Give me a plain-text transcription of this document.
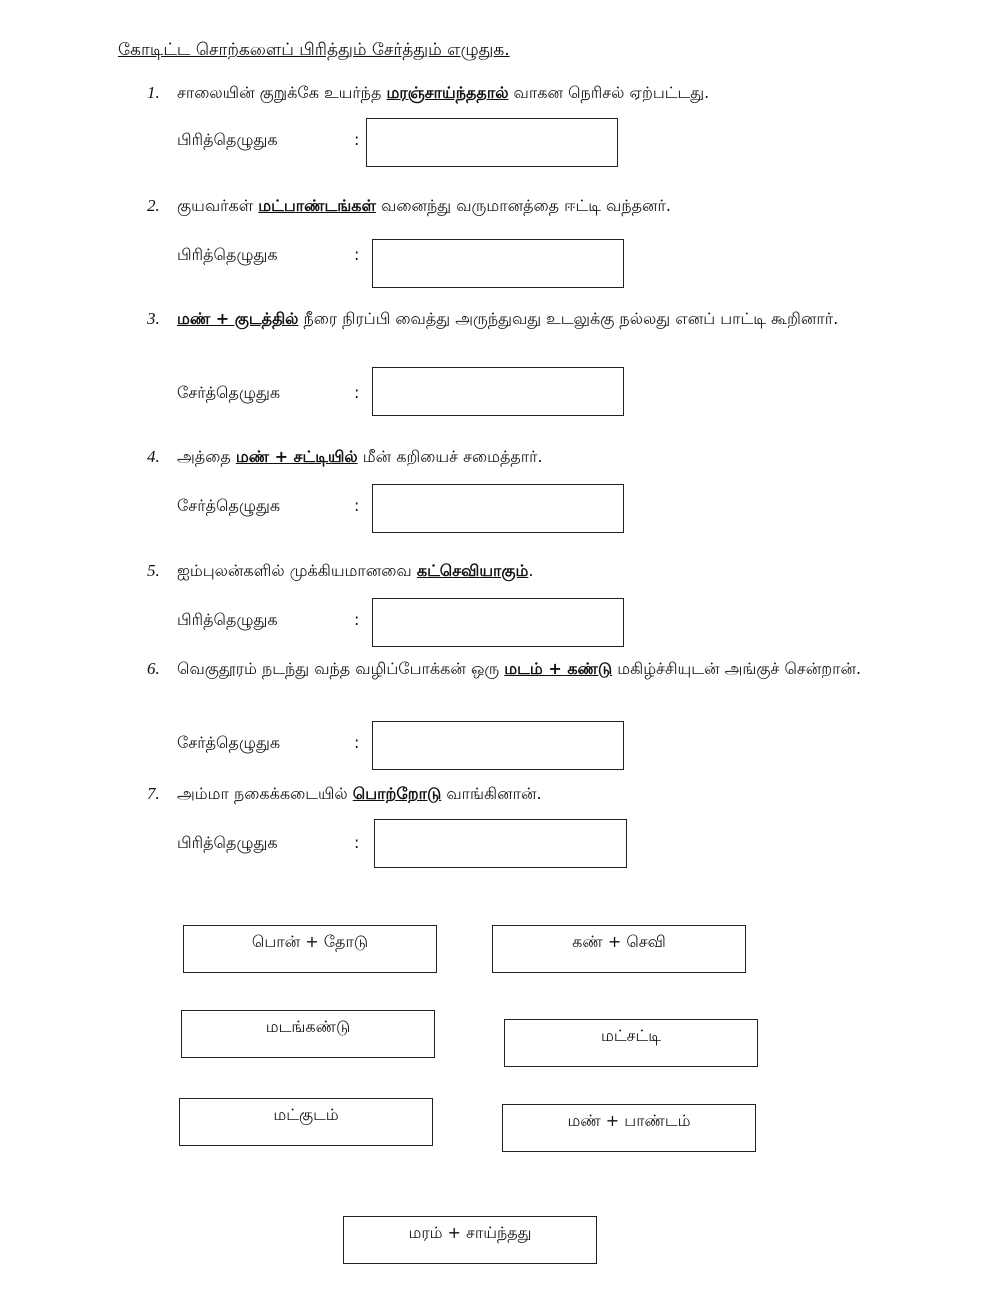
கோடிட்ட சொற்களைப் பிரித்தும் சேர்த்தும் எழுதுக.
1. சாலையின் குறுக்கே உயர்ந்த மரஞ்சாய்ந்ததால் வாகன நெரிசல் ஏற்பட்டது.
பிரித்தெழுதுக	:
2. குயவர்கள் மட்பாண்டங்கள் வனைந்து வருமானத்தை ஈட்டி வந்தனர்.
பிரித்தெழுதுக	:
3. மண் + குடத்தில் நீரை நிரப்பி வைத்து அருந்துவது உடலுக்கு நல்லது எனப் பாட்டி கூறினார்.
சேர்த்தெழுதுக	:
4. அத்தை மண் + சட்டியில் மீன் கறியைச் சமைத்தார்.
சேர்த்தெழுதுக	:
5. ஐம்புலன்களில் முக்கியமானவை கட்செவியாகும்.
பிரித்தெழுதுக	:
6. வெகுதூரம் நடந்து வந்த வழிப்போக்கன் ஒரு மடம் + கண்டு மகிழ்ச்சியுடன் அங்குச் சென்றான்.
சேர்த்தெழுதுக	:
7. அம்மா நகைக்கடையில் பொற்றோடு வாங்கினான்.
பிரித்தெழுதுக	:
பொன் + தோடு	கண் + செவி
மடங்கண்டு	மட்சட்டி
மட்குடம்	மண் + பாண்டம்
மரம் + சாய்ந்தது
